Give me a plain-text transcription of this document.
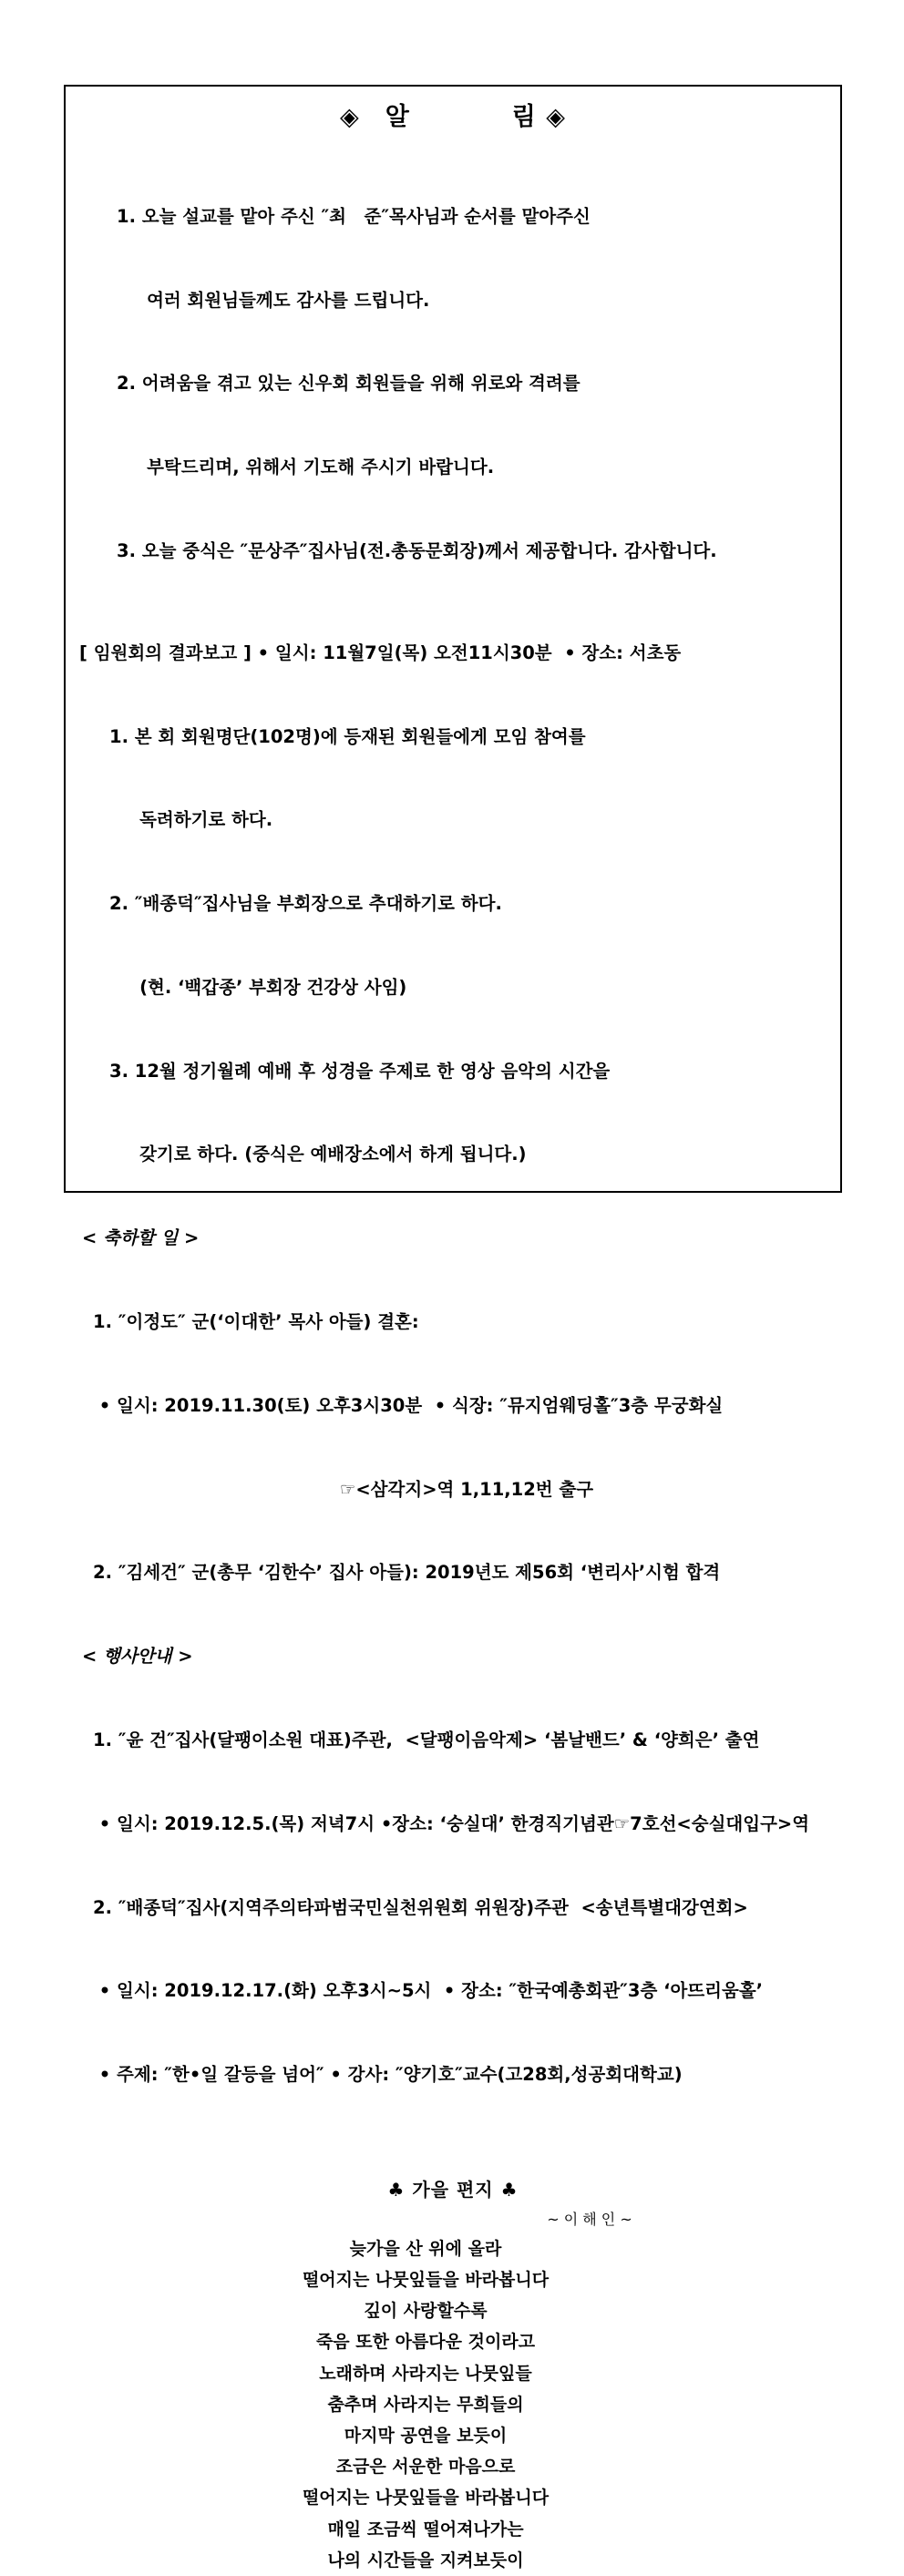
◈　알　　　　림 ◈

1. 오늘 설교를 맡아 주신 ″최　준″목사님과 순서를 맡아주신

　  여러 회원님들께도 감사를 드립니다.

2. 어려움을 겪고 있는 신우회 회원들을 위해 위로와 격려를

　  부탁드리며, 위해서 기도해 주시기 바랍니다.

3. 오늘 중식은 ″문상주″집사님(전.총동문회장)께서 제공합니다. 감사합니다.

[ 임원회의 결과보고 ] • 일시: 11월7일(목) 오전11시30분  • 장소: 서초동

1. 본 회 회원명단(102명)에 등재된 회원들에게 모임 참여를

　  독려하기로 하다.

2. ″배종덕″집사님을 부회장으로 추대하기로 하다.

　  (현. ‘백갑종’ 부회장 건강상 사임)

3. 12월 정기월례 예배 후 성경을 주제로 한 영상 음악의 시간을

　  갖기로 하다. (중식은 예배장소에서 하게 됩니다.)

< 축하할 일 >

1. ″이정도″ 군(‘이대한’ 목사 아들) 결혼:

• 일시: 2019.11.30(토) 오후3시30분  • 식장: ″뮤지엄웨딩홀″3층 무궁화실

☞<삼각지>역 1,11,12번 출구

2. ″김세건″ 군(총무 ‘김한수’ 집사 아들): 2019년도 제56회 ‘변리사’시험 합격

< 행사안내 >

1. ″윤 건″집사(달팽이소원 대표)주관,  <달팽이음악제> ‘봄날밴드’ & ‘양희은’ 출연

• 일시: 2019.12.5.(목) 저녁7시 •장소: ‘숭실대’ 한경직기념관☞7호선<숭실대입구>역

2. ″배종덕″집사(지역주의타파범국민실천위원회 위원장)주관  <송년특별대강연회>

• 일시: 2019.12.17.(화) 오후3시~5시  • 장소: ″한국예총회관″3층 ‘아뜨리움홀’

• 주제: ″한•일 갈등을 넘어″ • 강사: ″양기호″교수(고28회,성공회대학교)

♣ 가을 편지 ♣
~ 이 해 인 ~
늦가을 산 위에 올라
떨어지는 나뭇잎들을 바라봅니다
깊이 사랑할수록
죽음 또한 아름다운 것이라고
노래하며 사라지는 나뭇잎들
춤추며 사라지는 무희들의
마지막 공연을 보듯이
조금은 서운한 마음으로
떨어지는 나뭇잎들을 바라봅니다
매일 조금씩 떨어져나가는
나의 시간들을 지켜보듯이
